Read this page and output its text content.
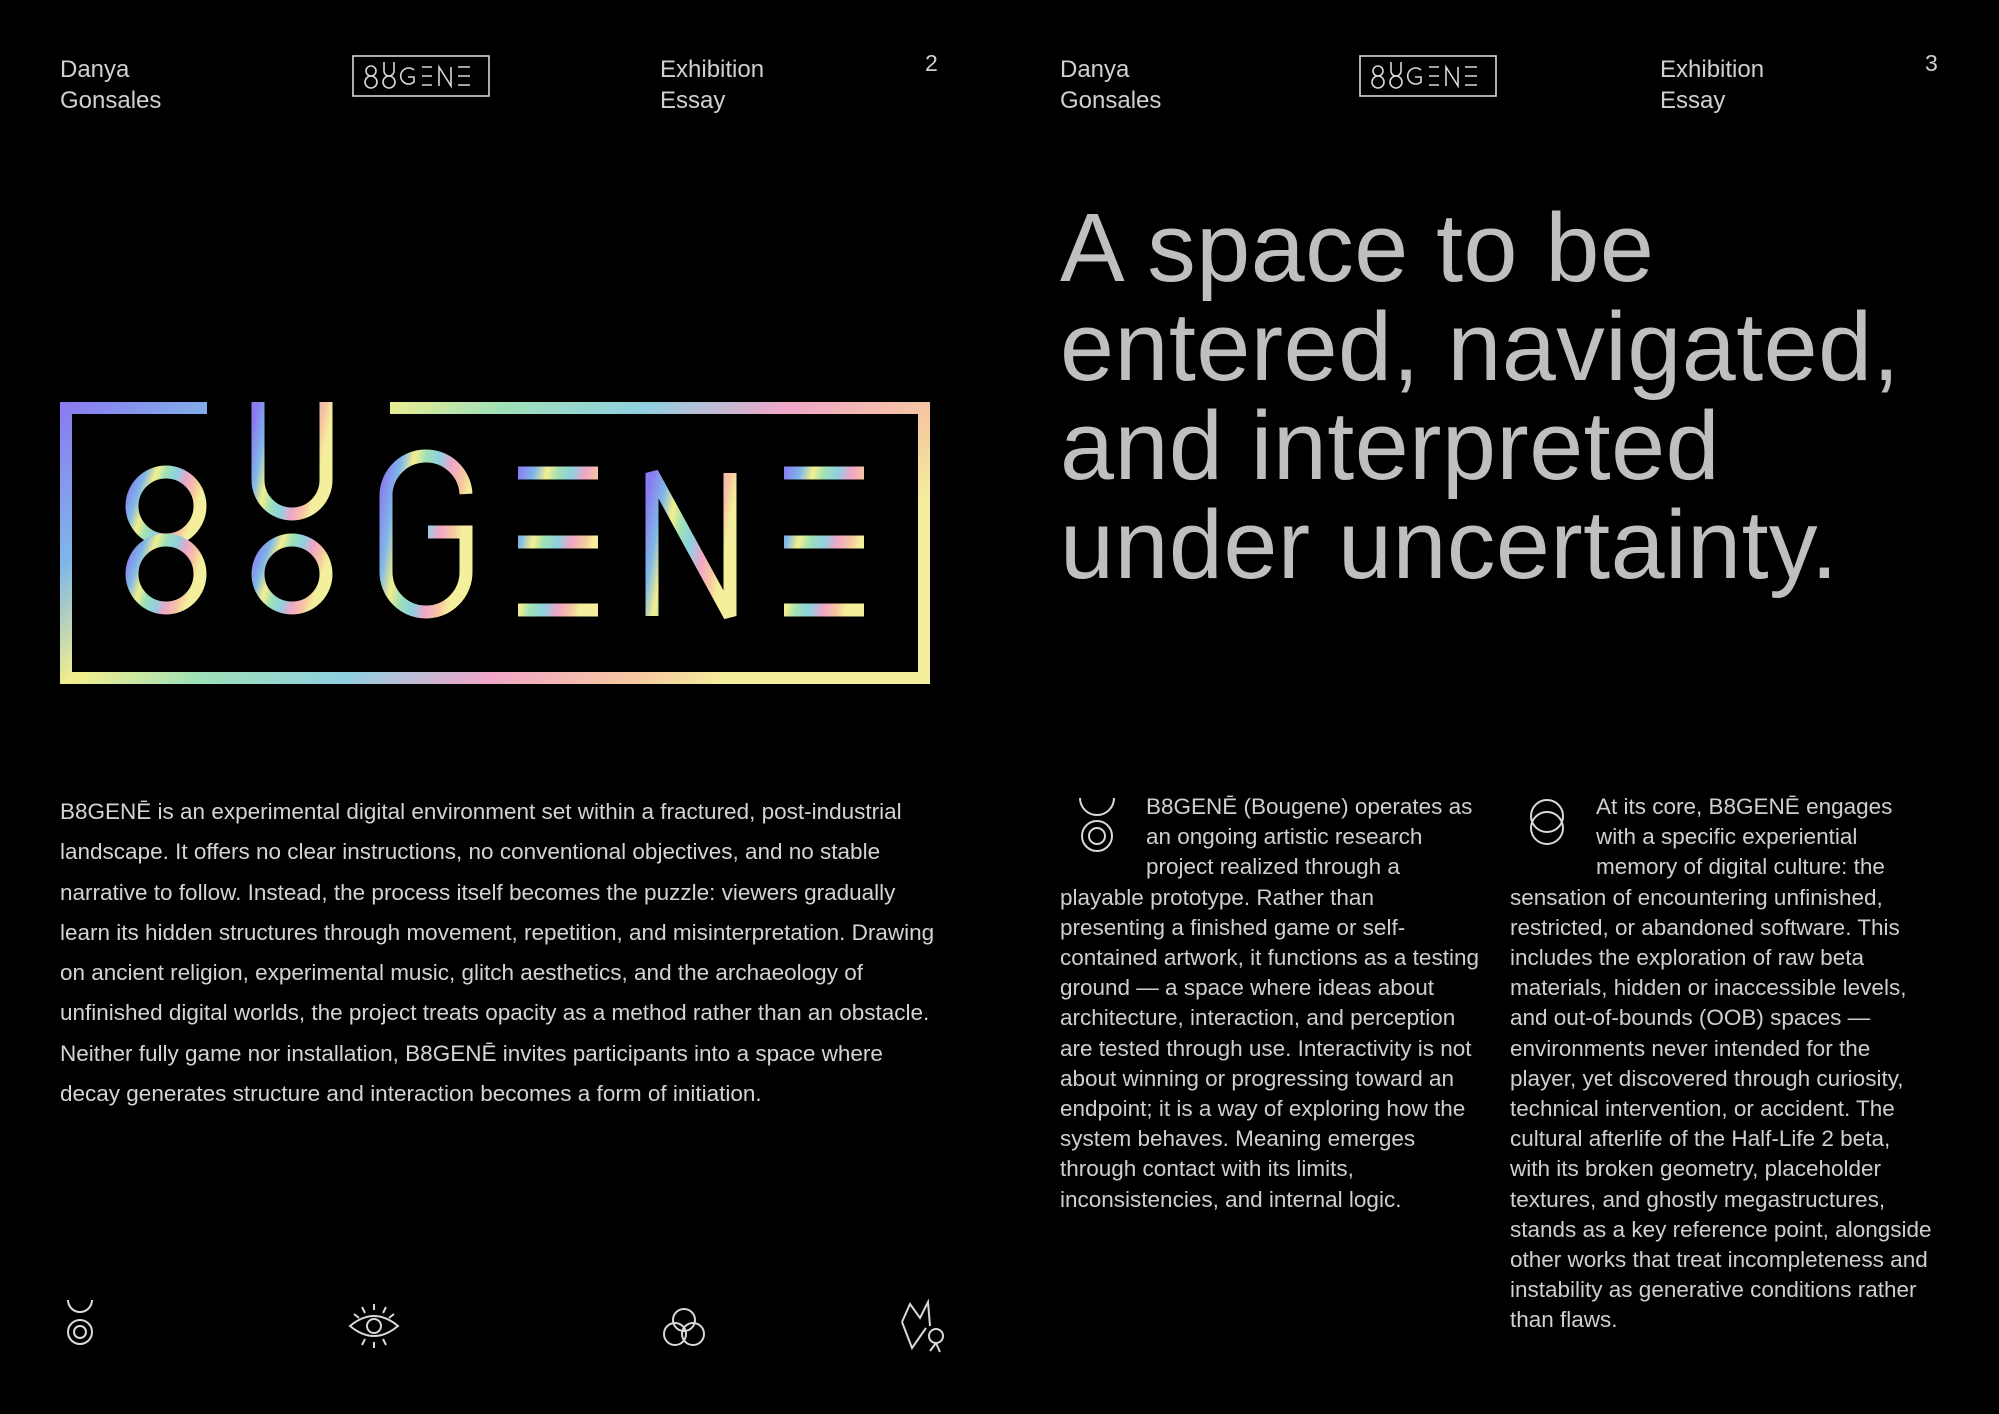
Danya
Gonsales
Exhibition
Essay
2

B8GENĒ is an experimental digital environment set within a fractured, post-industrial landscape. It offers no clear instructions, no conventional objectives, and no stable narrative to follow. Instead, the process itself becomes the puzzle: viewers gradually learn its hidden structures through movement, repetition, and misinterpretation. Drawing on ancient religion, experimental music, glitch aesthetics, and the archaeology of unfinished digital worlds, the project treats opacity as a method rather than an obstacle. Neither fully game nor installation, B8GENĒ invites participants into a space where decay generates structure and interaction becomes a form of initiation.

Danya
Gonsales
Exhibition
Essay
3
A space to be entered, navigated, and interpreted under uncertainty.
B8GENĒ (Bougene) operates as an ongoing artistic research project realized through a playable prototype. Rather than presenting a finished game or self-contained artwork, it functions as a testing ground — a space where ideas about architecture, interaction, and perception are tested through use. Interactivity is not about winning or progressing toward an endpoint; it is a way of exploring how the system behaves. Meaning emerges through contact with its limits, inconsistencies, and internal logic.
At its core, B8GENĒ engages with a specific experiential memory of digital culture: the sensation of encountering unfinished, restricted, or abandoned software. This includes the exploration of raw beta materials, hidden or inaccessible levels, and out-of-bounds (OOB) spaces — environments never intended for the player, yet discovered through curiosity, technical intervention, or accident. The cultural afterlife of the Half-Life 2 beta, with its broken geometry, placeholder textures, and ghostly megastructures, stands as a key reference point, alongside other works that treat incompleteness and instability as generative conditions rather than flaws.
